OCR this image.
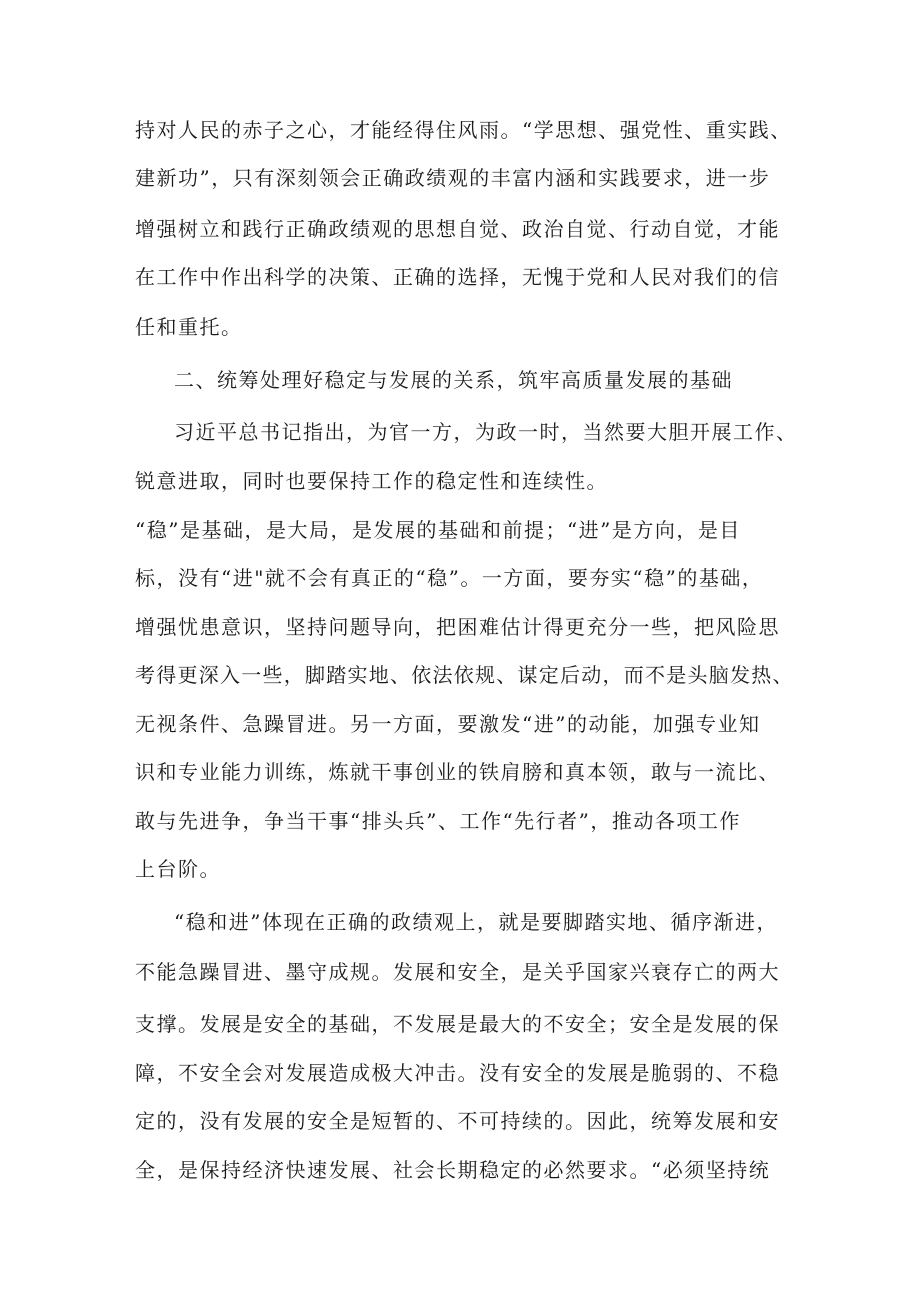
持对人民的赤子之心，才能经得住风雨。“学思想、强党性、重实践、
建新功”，只有深刻领会正确政绩观的丰富内涵和实践要求，进一步
增强树立和践行正确政绩观的思想自觉、政治自觉、行动自觉，才能
在工作中作出科学的决策、正确的选择，无愧于党和人民对我们的信
任和重托。
二、统筹处理好稳定与发展的关系，筑牢高质量发展的基础
习近平总书记指出，为官一方，为政一时，当然要大胆开展工作、
锐意进取，同时也要保持工作的稳定性和连续性。
“稳”是基础，是大局，是发展的基础和前提；“进”是方向，是目
标，没有“进"就不会有真正的“稳”。一方面，要夯实“稳”的基础，
增强忧患意识，坚持问题导向，把困难估计得更充分一些，把风险思
考得更深入一些，脚踏实地、依法依规、谋定后动，而不是头脑发热、
无视条件、急躁冒进。另一方面，要激发“进”的动能，加强专业知
识和专业能力训练，炼就干事创业的铁肩膀和真本领，敢与一流比、
敢与先进争，争当干事“排头兵”、工作“先行者”，推动各项工作
上台阶。
“稳和进”体现在正确的政绩观上，就是要脚踏实地、循序渐进，
不能急躁冒进、墨守成规。发展和安全，是关乎国家兴衰存亡的两大
支撑。发展是安全的基础，不发展是最大的不安全；安全是发展的保
障，不安全会对发展造成极大冲击。没有安全的发展是脆弱的、不稳
定的，没有发展的安全是短暂的、不可持续的。因此，统筹发展和安
全，是保持经济快速发展、社会长期稳定的必然要求。“必须坚持统
